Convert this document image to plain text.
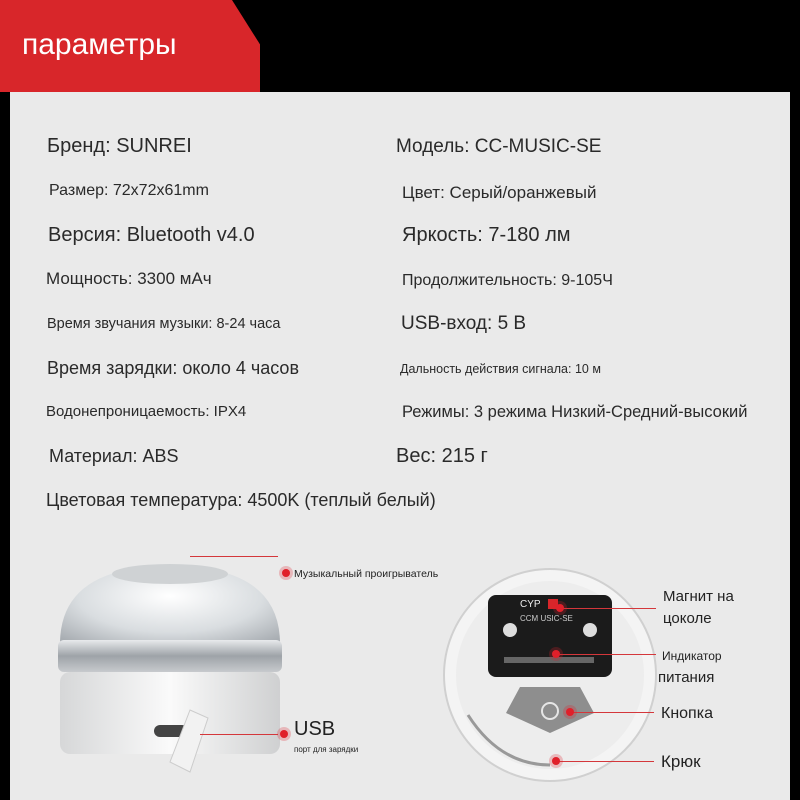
параметры
Бренд: SUNREI	Модель: CC-MUSIC-SE
Размер: 72x72x61mm	Цвет: Серый/оранжевый
Версия: Bluetooth v4.0	Яркость: 7-180 лм
Мощность: 3300 мАч	Продолжительность: 9-105Ч
Время звучания музыки: 8-24 часа	USB-вход: 5 В
Время зарядки: около 4 часов	Дальность действия сигнала: 10 м
Водонепроницаемость: IPX4	Режимы: 3 режима Низкий-Средний-высокий
Материал: ABS	Вес: 215 г
Цветовая температура: 4500K (теплый белый)
Музыкальный проигрыватель
USB
порт для зарядки
CYP
CCM USIC-SE
Магнит на
цоколе
Индикатор
питания
Кнопка
Крюк
